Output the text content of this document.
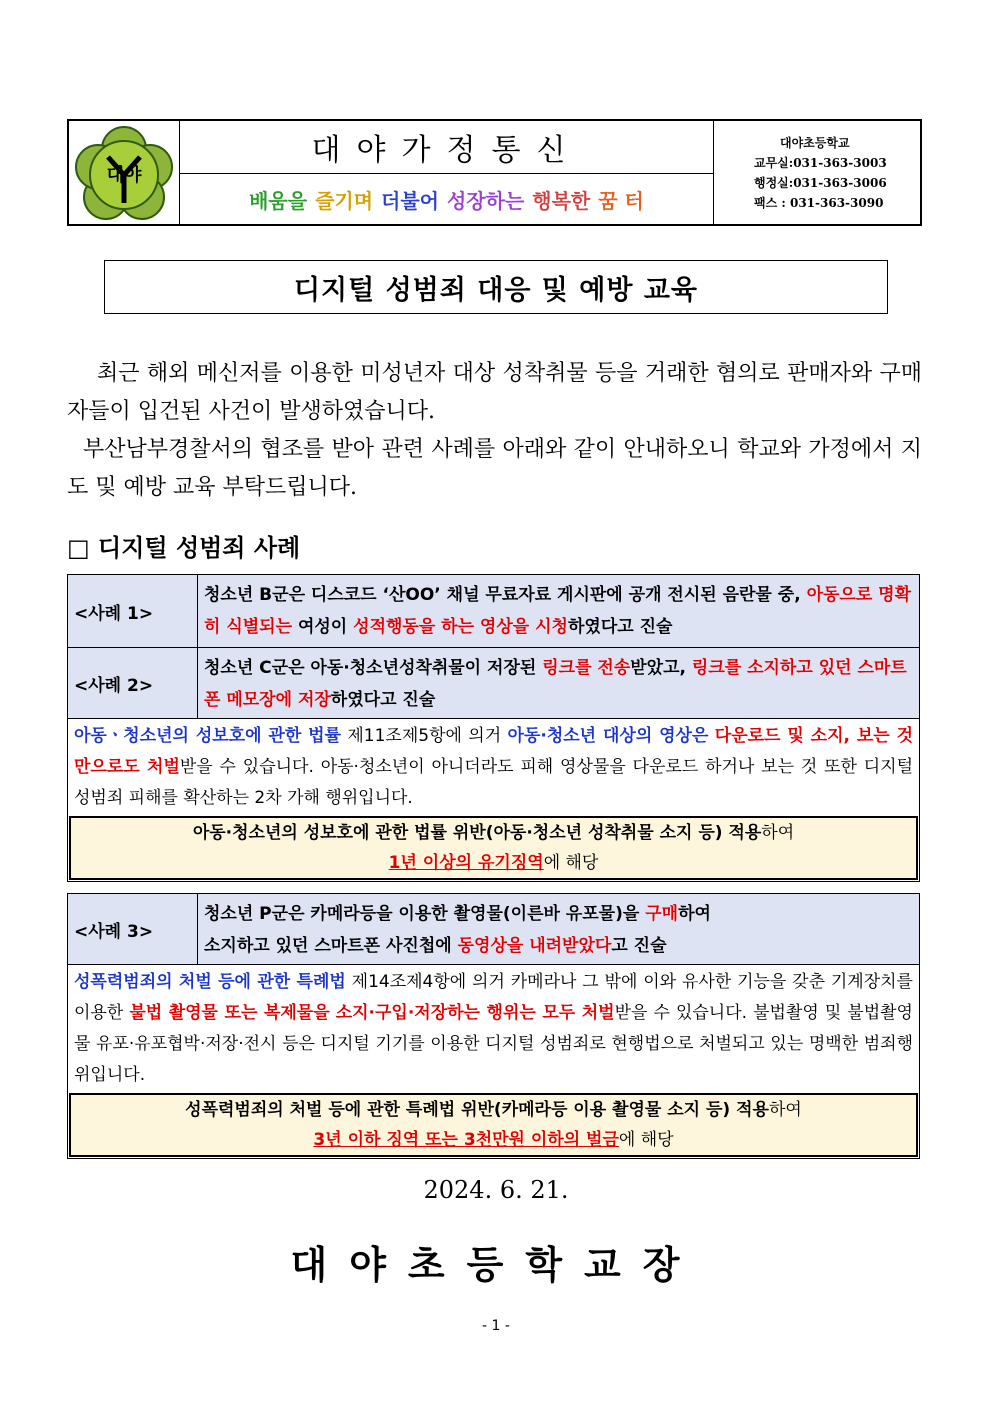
대야
대야가정통신
배움을 즐기며 더불어 성장하는 행복한 꿈 터
대야초등학교
교무실:031-363-3003
행정실:031-363-3006
팩스 : 031-363-3090
디지털 성범죄 대응 및 예방 교육

최근 해외 메신저를 이용한 미성년자 대상 성착취물 등을 거래한 혐의로 판매자와 구매자들이 입건된 사건이 발생하였습니다.

부산남부경찰서의 협조를 받아 관련 사례를 아래와 같이 안내하오니 학교와 가정에서 지도 및 예방 교육 부탁드립니다.

□ 디지털 성범죄 사례
<사례 1>
청소년 B군은 디스코드 ‘산OO’ 채널 무료자료 게시판에 공개 전시된 음란물 중, 아동으로 명확히 식별되는 여성이 성적행동을 하는 영상을 시청하였다고 진술
<사례 2>
청소년 C군은 아동·청소년성착취물이 저장된 링크를 전송받았고, 링크를 소지하고 있던 스마트폰 메모장에 저장하였다고 진술
아동ㆍ청소년의 성보호에 관한 법률 제11조제5항에 의거 아동·청소년 대상의 영상은 다운로드 및 소지, 보는 것만으로도 처벌받을 수 있습니다. 아동·청소년이 아니더라도 피해 영상물을 다운로드 하거나 보는 것 또한 디지털 성범죄 피해를 확산하는 2차 가해 행위입니다.
아동·청소년의 성보호에 관한 법률 위반(아동·청소년 성착취물 소지 등) 적용하여
1년 이상의 유기징역에 해당
<사례 3>
청소년 P군은 카메라등을 이용한 촬영물(이른바 유포물)을 구매하여
소지하고 있던 스마트폰 사진첩에 동영상을 내려받았다고 진술
성폭력범죄의 처벌 등에 관한 특례법 제14조제4항에 의거 카메라나 그 밖에 이와 유사한 기능을 갖춘 기계장치를 이용한 불법 촬영물 또는 복제물을 소지·구입·저장하는 행위는 모두 처벌받을 수 있습니다. 불법촬영 및 불법촬영물 유포·유포협박·저장·전시 등은 디지털 기기를 이용한 디지털 성범죄로 현행법으로 처벌되고 있는 명백한 범죄행위입니다.
성폭력범죄의 처벌 등에 관한 특례법 위반(카메라등 이용 촬영물 소지 등) 적용하여
3년 이하 징역 또는 3천만원 이하의 벌금에 해당
2024. 6. 21.
대야초등학교장
- 1 -
